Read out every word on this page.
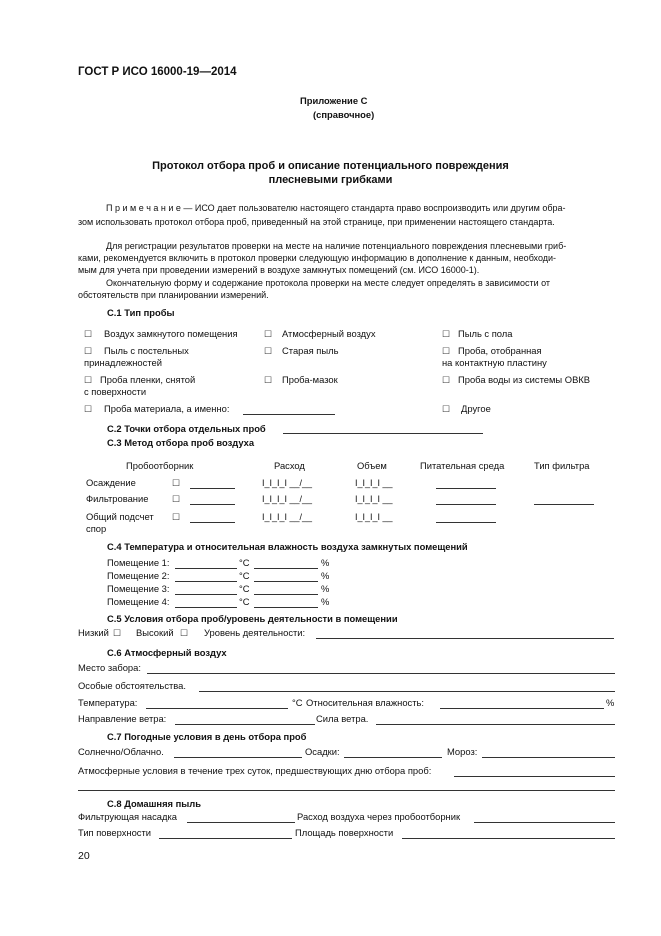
ГОСТ Р ИСО 16000-19—2014
Приложение С
(справочное)
Протокол отбора проб и описание потенциального повреждения
плесневыми грибками
П р и м е ч а н и е — ИСО дает пользователю настоящего стандарта право воспроизводить или другим обра-
зом использовать протокол отбора проб, приведенный на этой странице, при применении настоящего стандарта.
Для регистрации результатов проверки на месте на наличие потенциального повреждения плесневыми гриб-
ками, рекомендуется включить в протокол проверки следующую информацию в дополнение к данным, необходи-
мым для учета при проведении измерений в воздухе замкнутых помещений (см. ИСО 16000-1).
Окончательную форму и содержание протокола проверки на месте следует определять в зависимости от
обстоятельств при планировании измерений.
С.1 Тип пробы
☐ Воздух замкнутого помещения	☐ Атмосферный воздух	☐ Пыль с пола
☐ Пыль с постельных
принадлежностей
☐ Старая пыль	☐ Проба, отобранная
на контактную пластину
☐ Проба пленки, снятой
с поверхности
☐ Проба-мазок	☐ Проба воды из системы ОВКВ
☐ Проба материала, а именно:	☐ Другое
С.2 Точки отбора отдельных проб
С.3 Метод отбора проб воздуха
Пробоотборник	Расход	Объем	Питательная среда	Тип фильтра
Осаждение	☐	I_I_I_I __/__	I_I_I_I __
Фильтрование	☐	I_I_I_I __/__	I_I_I_I __
Общий подсчет
спор
☐	I_I_I_I __/__	I_I_I_I __
С.4 Температура и относительная влажность воздуха замкнутых помещений
Помещение 1:	°С	%
Помещение 2:	°С	%
Помещение 3:	°С	%
Помещение 4:	°С	%
С.5 Условия отбора проб/уровень деятельности в помещении
Низкий ☐ Высокий ☐ Уровень деятельности:
С.6 Атмосферный воздух
Место забора:
Особые обстоятельства.
Температура:	°С Относительная влажность:	%
Направление ветра:	Сила ветра.
С.7 Погодные условия в день отбора проб
Солнечно/Облачно.	Осадки:	Мороз:
Атмосферные условия в течение трех суток, предшествующих дню отбора проб:
С.8 Домашняя пыль
Фильтрующая насадка	Расход воздуха через пробоотборник
Тип поверхности	Площадь поверхности
20
